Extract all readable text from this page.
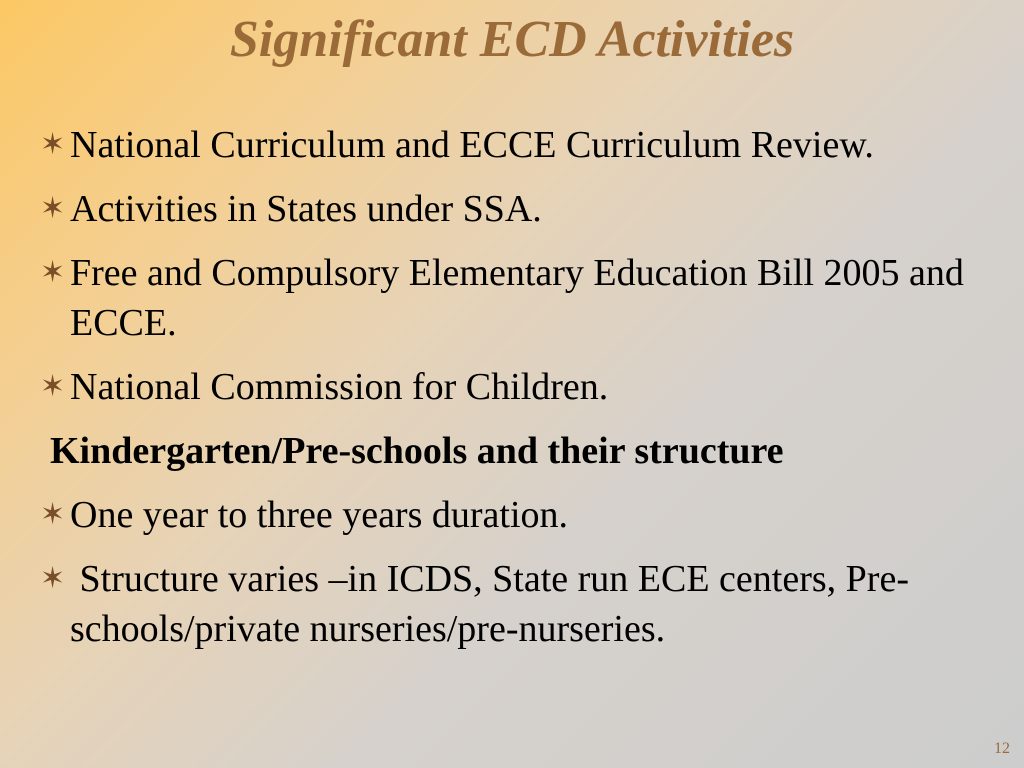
Significant ECD Activities
✶ National Curriculum and ECCE Curriculum Review.
✶ Activities in States under SSA.
✶ Free and Compulsory Elementary Education Bill 2005 and ECCE.
✶ National Commission for Children.
Kindergarten/Pre-schools and their structure
✶ One year to three years duration.
✶ Structure varies –in ICDS, State run ECE centers, Pre-schools/private nurseries/pre-nurseries.
12
